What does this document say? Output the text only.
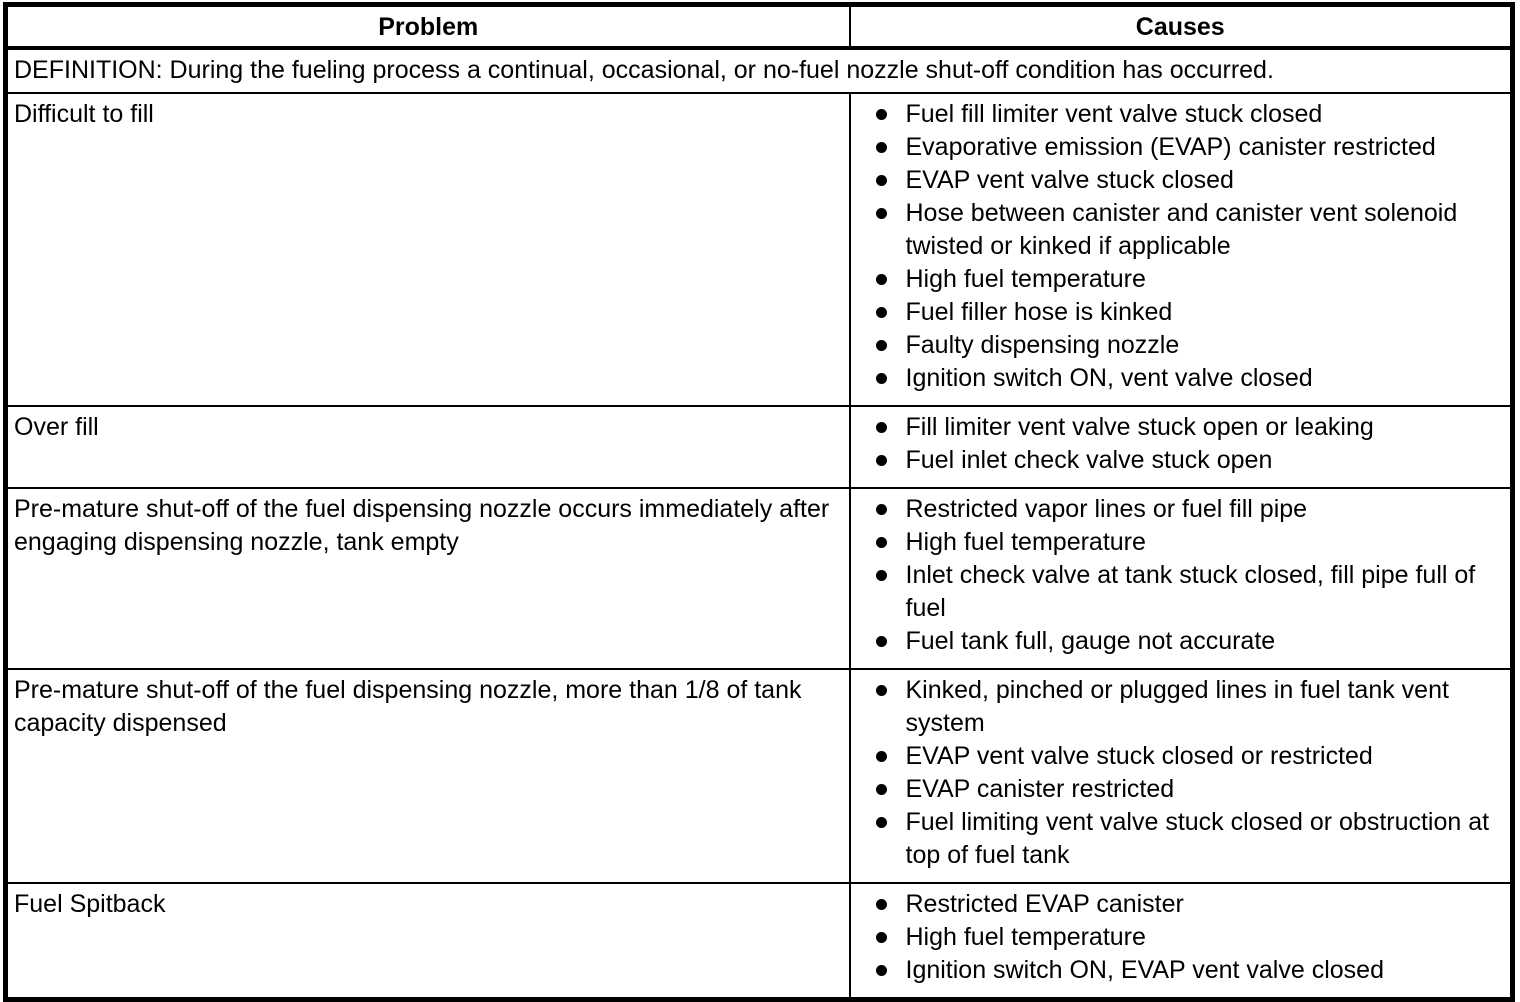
Problem	Causes
DEFINITION: During the fueling process a continual, occasional, or no-fuel nozzle shut-off condition has occurred.	
Difficult to fill	Fuel fill limiter vent valve stuck closed
Evaporative emission (EVAP) canister restricted
EVAP vent valve stuck closed
Hose between canister and canister vent solenoid twisted or kinked if applicable
High fuel temperature
Fuel filler hose is kinked
Faulty dispensing nozzle
Ignition switch ON, vent valve closed

Over fill	Fill limiter vent valve stuck open or leaking
Fuel inlet check valve stuck open

Pre-mature shut-off of the fuel dispensing nozzle occurs immediately after engaging dispensing nozzle, tank empty	
Restricted vapor lines or fuel fill pipe
High fuel temperature
Inlet check valve at tank stuck closed, fill pipe full of fuel
Fuel tank full, gauge not accurate

Pre-mature shut-off of the fuel dispensing nozzle, more than 1/8 of tank capacity dispensed	
Kinked, pinched or plugged lines in fuel tank vent system
EVAP vent valve stuck closed or restricted
EVAP canister restricted
Fuel limiting vent valve stuck closed or obstruction at top of fuel tank

Fuel Spitback	Restricted EVAP canister
High fuel temperature
Ignition switch ON, EVAP vent valve closed
